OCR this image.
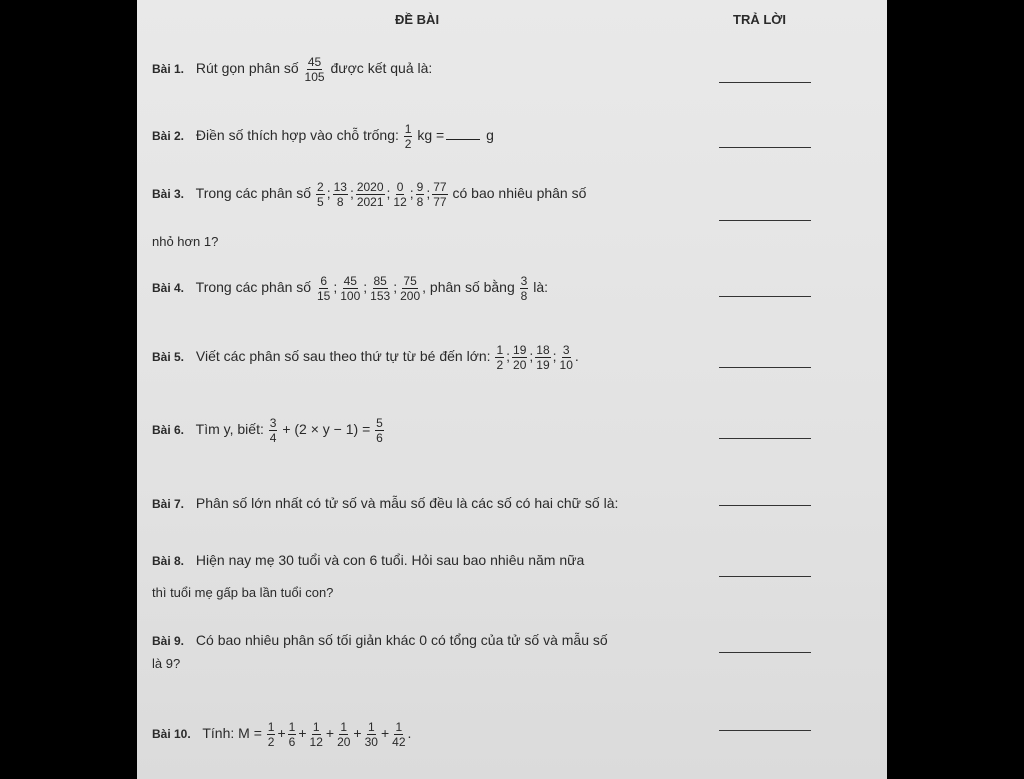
ĐỀ BÀI	TRẢ LỜI
Bài 1. Rút gọn phân số $\frac{45}{105}$ được kết quả là:
Bài 2. Điền số thích hợp vào chỗ trống: $\frac{1}{2}$ kg =	g
Bài 3. Trong các phân số $\frac{2}{5}$ ; $\frac{13}{8}$ ; $\frac{2020}{2021}$ ; $\frac{0}{12}$ ; $\frac{9}{8}$ ; $\frac{77}{77}$ có bao nhiêu phân số
nhỏ hơn 1?
Bài 4. Trong các phân số $\frac{6}{15}$ ; $\frac{45}{100}$ ; $\frac{85}{153}$ ; $\frac{75}{200}$ , phân số bằng $\frac{3}{8}$ là:
Bài 5. Viết các phân số sau theo thứ tự từ bé đến lớn: $\frac{1}{2}$ ; $\frac{19}{20}$ ; $\frac{18}{19}$ ; $\frac{3}{10}$ .
Bài 6. Tìm y, biết: $\frac{3}{4} + (2 \times y - 1) = \frac{5}{6}$
Bài 7. Phân số lớn nhất có tử số và mẫu số đều là các số có hai chữ số là:
Bài 8. Hiện nay mẹ 30 tuổi và con 6 tuổi. Hỏi sau bao nhiêu năm nữa
thì tuổi mẹ gấp ba lần tuổi con?
Bài 9. Có bao nhiêu phân số tối giản khác 0 có tổng của tử số và mẫu số
là 9?
Bài 10. Tính: $M = \frac{1}{2} + \frac{1}{6} + \frac{1}{12} + \frac{1}{20} + \frac{1}{30} + \frac{1}{42}$ .
